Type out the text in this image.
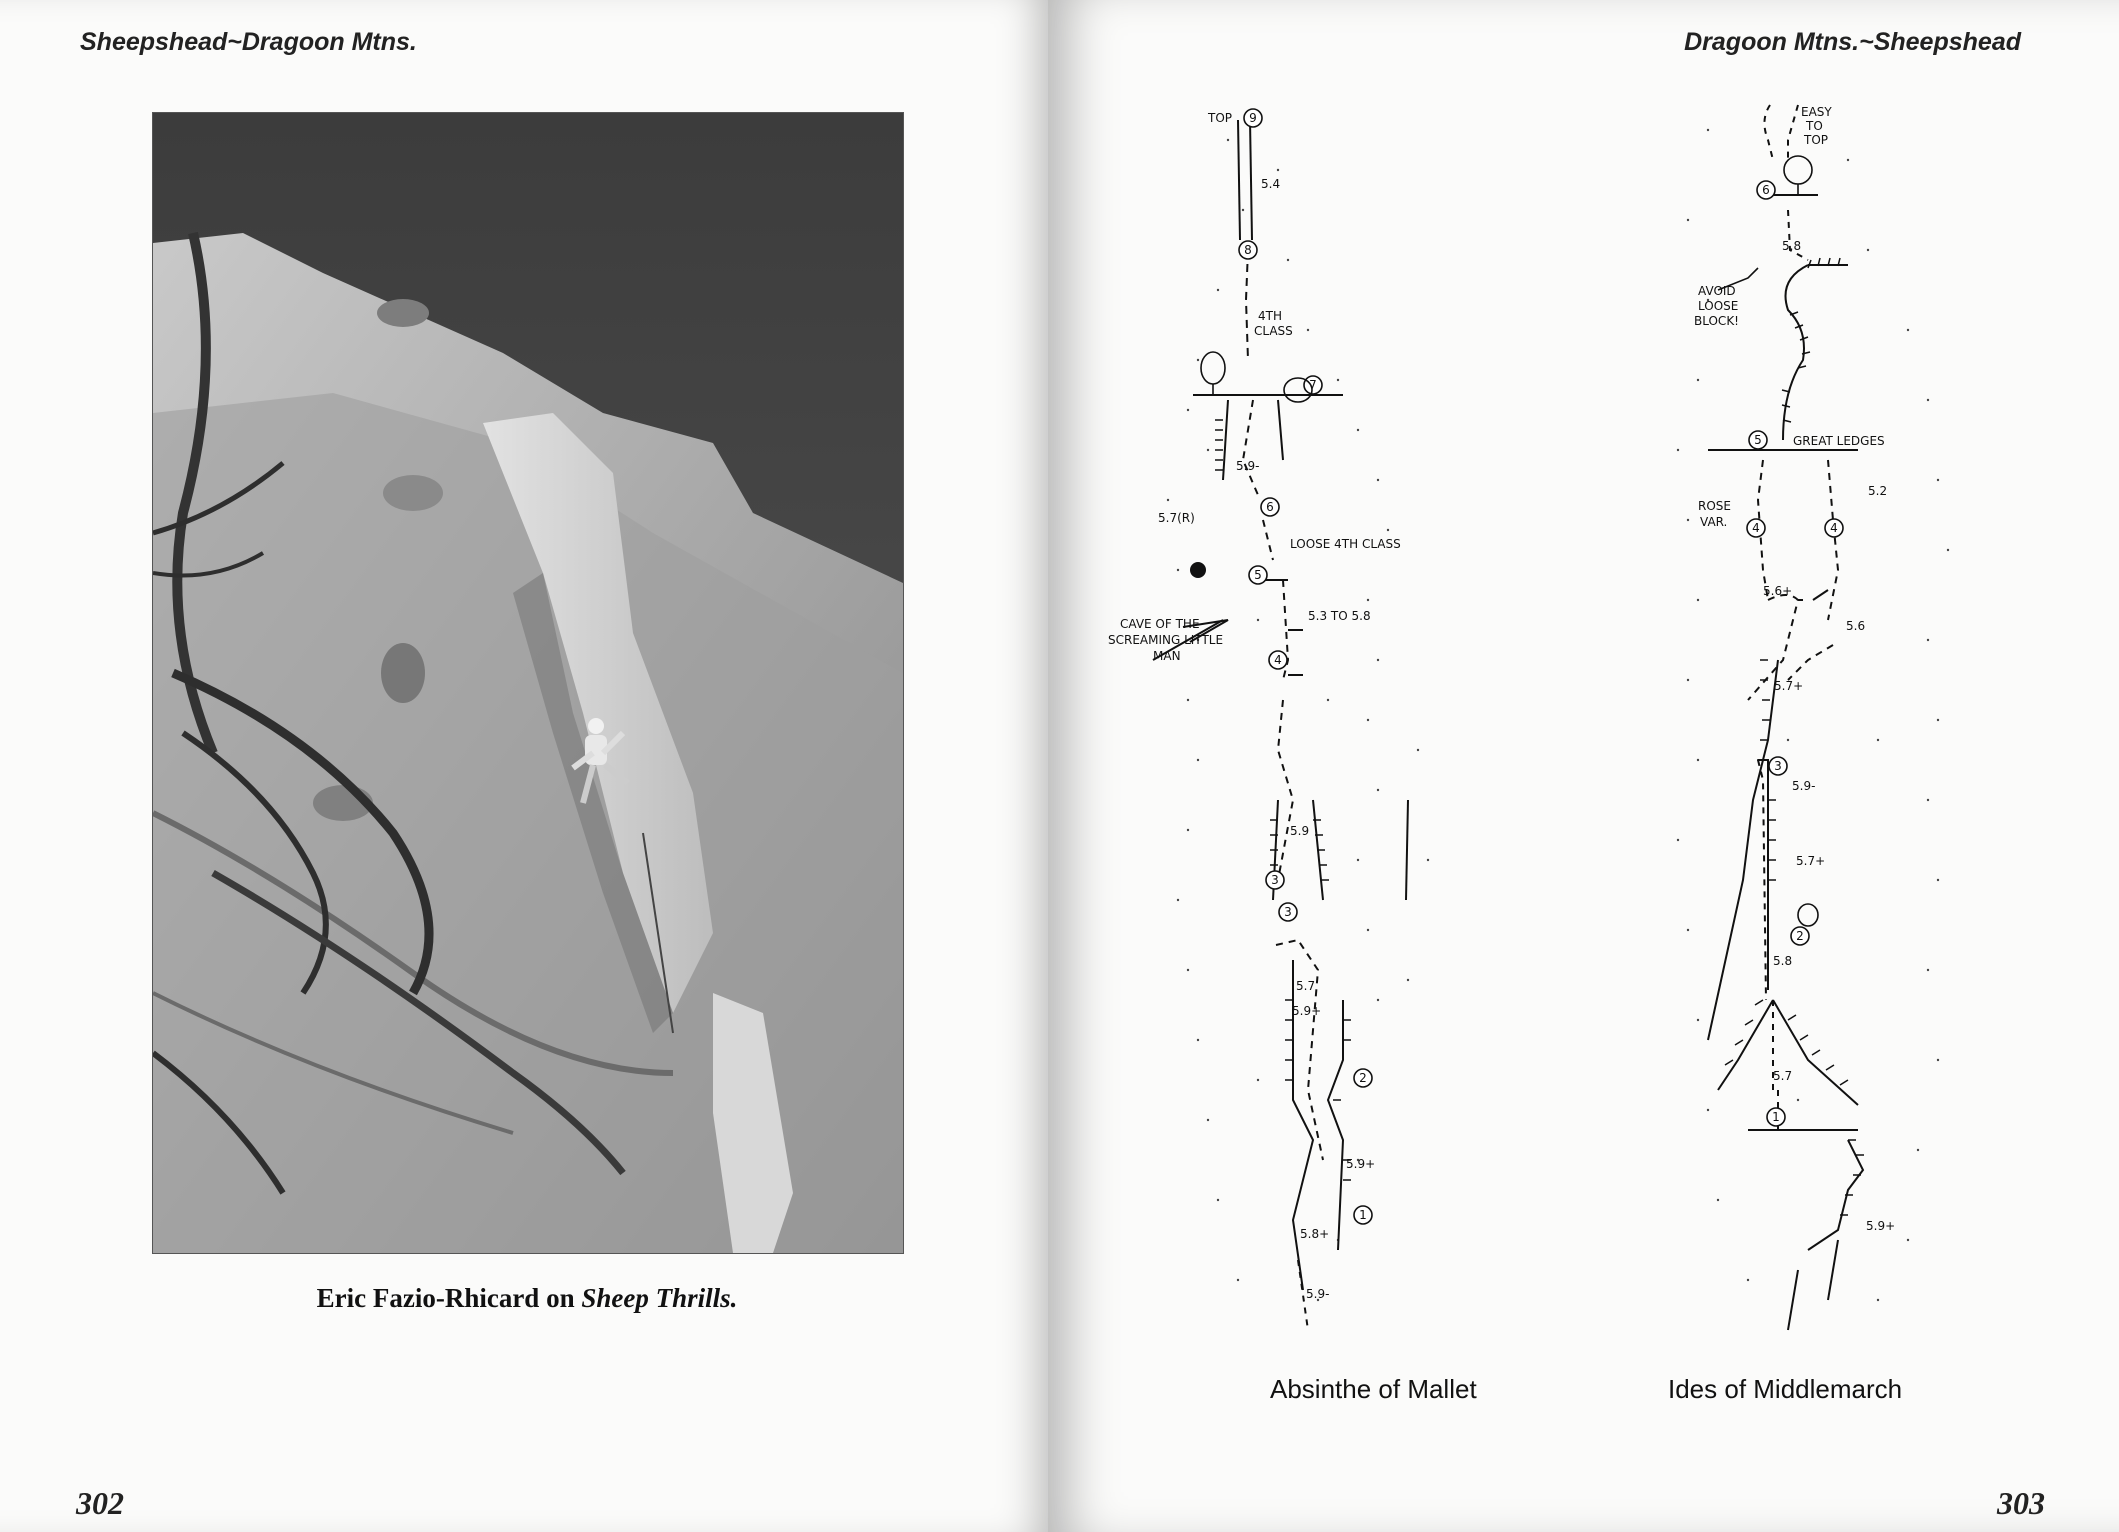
Sheepshead~Dragoon Mtns.
Eric Fazio-Rhicard on Sheep Thrills.
302
Dragoon Mtns.~Sheepshead
9
8
7
6
5
4
3
3
2
1
TOP
5.4
4TH
CLASS
5.9-
5.7(R)
LOOSE 4TH CLASS
5.3 TO 5.8
CAVE OF THE
SCREAMING LITTLE
MAN
5.9
5.7
5.9+
5.9+
5.8+
5.9-
6
5
4	4
3
2
1
EASY
TO
TOP
5.8
AVOID
LOOSE
BLOCK!
GREAT LEDGES
5.2
ROSE
VAR.
5.6+
5.6
5.7+
5.9-
5.7+
5.8
5.7
5.9+
Absinthe of Mallet	Ides of Middlemarch
303
